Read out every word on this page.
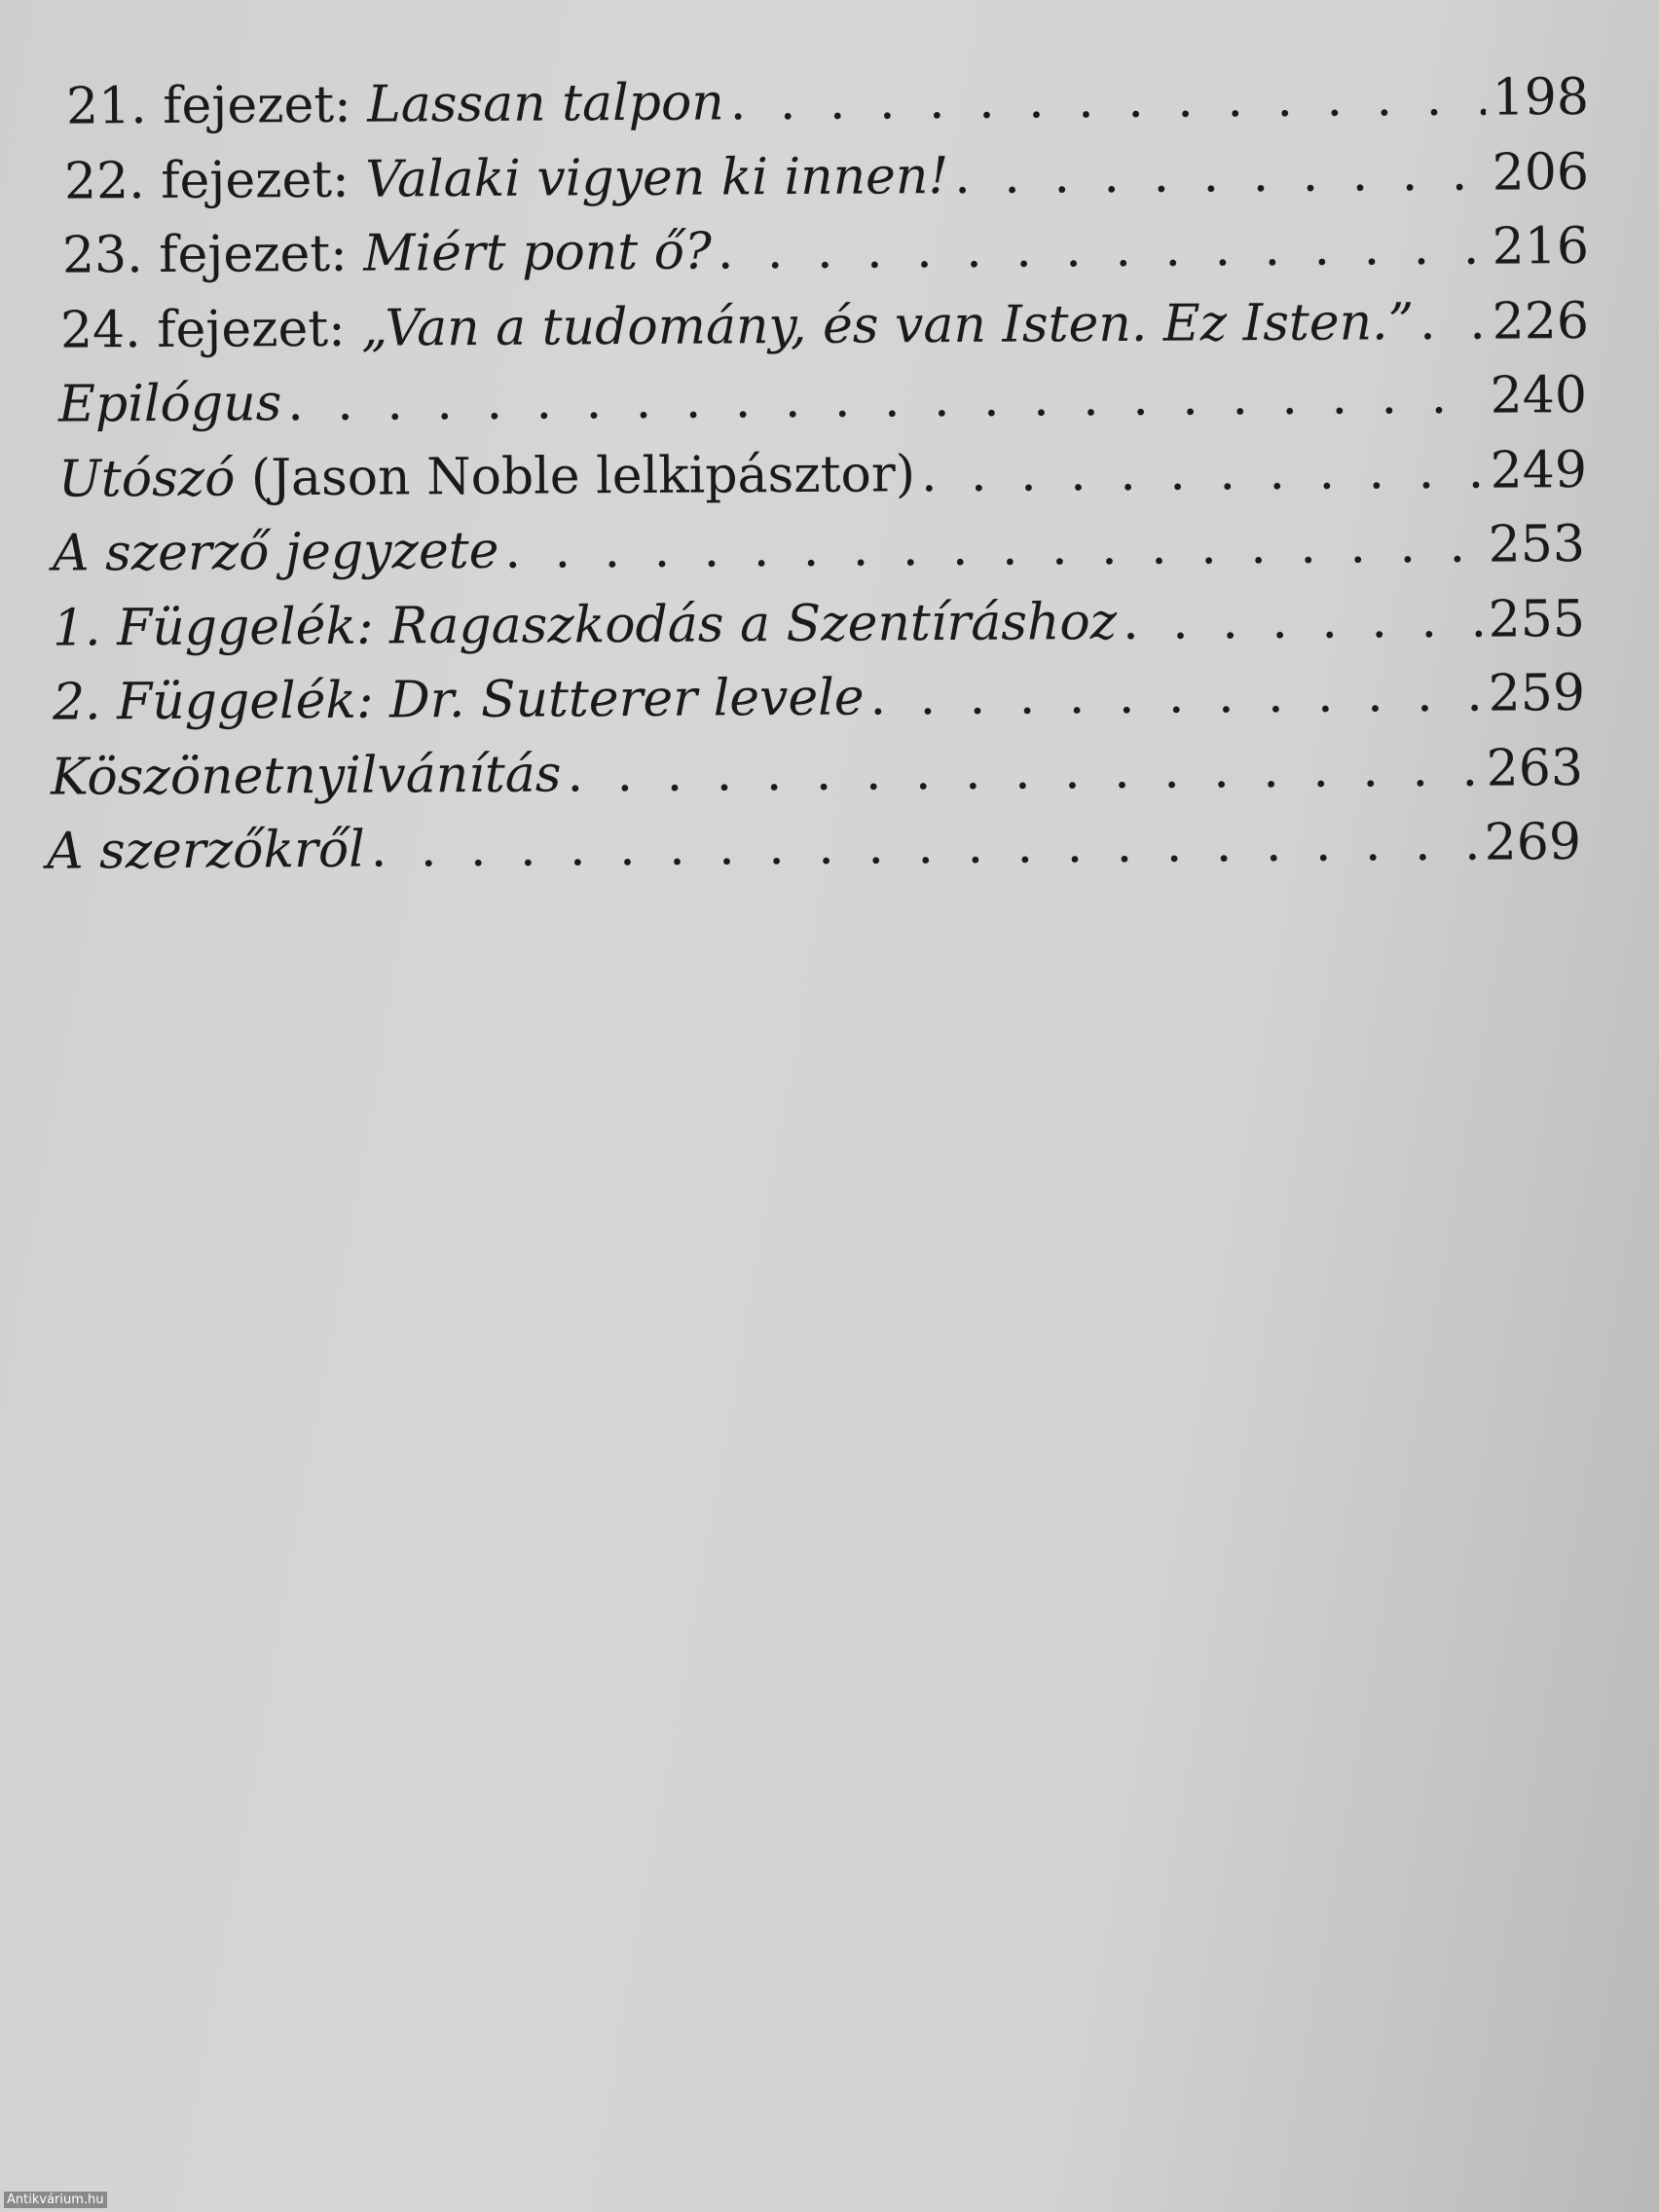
21. fejezet: Lassan talpon . . .	198
22. fejezet: Valaki vigyen ki innen! . . .	206
23. fejezet: Miért pont ő? . . .	216
24. fejezet: „Van a tudomány, és van Isten. Ez Isten.” . . . 226
Epilógus . . .	240
Utószó (Jason Noble lelkipásztor) . . .	249
A szerző jegyzete . . .	253
1. Függelék: Ragaszkodás a Szentíráshoz . . .	255
2. Függelék: Dr. Sutterer levele . . .	259
Köszönetnyilvánítás . . .	263
A szerzőkről . . .	269
Antikvárium.hu
